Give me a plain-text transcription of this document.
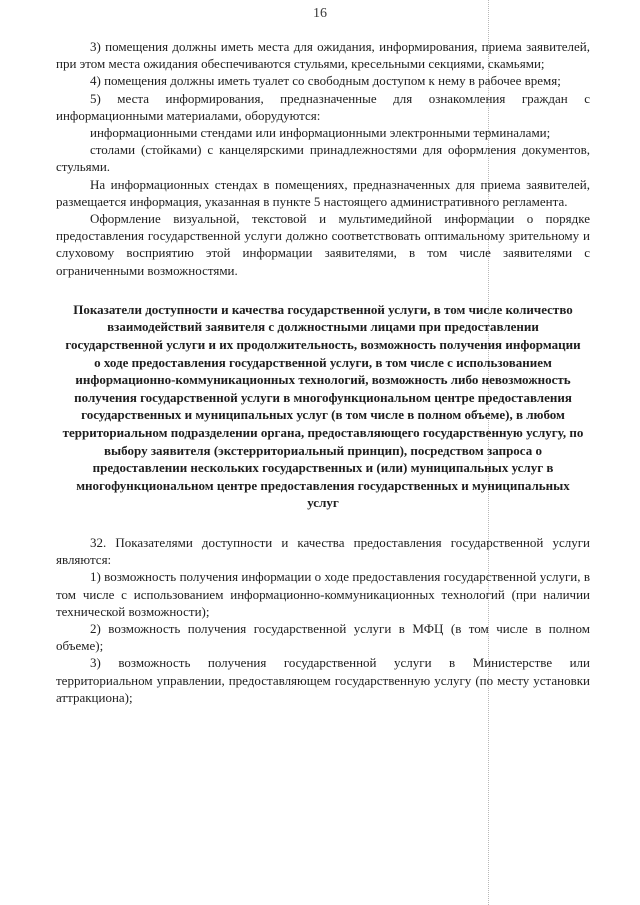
16

3) помещения должны иметь места для ожидания, информирования, приема заявителей, при этом места ожидания обеспечиваются стульями, кресельными секциями, скамьями;

4) помещения должны иметь туалет со свободным доступом к нему в рабочее время;

5) места информирования, предназначенные для ознакомления граждан с информационными материалами, оборудуются:

информационными стендами или информационными электронными терминалами;

столами (стойками) с канцелярскими принадлежностями для оформления документов, стульями.

На информационных стендах в помещениях, предназначенных для приема заявителей, размещается информация, указанная в пункте 5 настоящего административного регламента.

Оформление визуальной, текстовой и мультимедийной информации о порядке предоставления государственной услуги должно соответствовать оптимальному зрительному и слуховому восприятию этой информации заявителями, в том числе заявителями с ограниченными возможностями.

Показатели доступности и качества государственной услуги, в том числе количество взаимодействий заявителя с должностными лицами при предоставлении государственной услуги и их продолжительность, возможность получения информации о ходе предоставления государственной услуги, в том числе с использованием информационно-коммуникационных технологий, возможность либо невозможность получения государственной услуги в многофункциональном центре предоставления государственных и муниципальных услуг (в том числе в полном объеме), в любом территориальном подразделении органа, предоставляющего государственную услугу, по выбору заявителя (экстерриториальный принцип), посредством запроса о предоставлении нескольких государственных и (или) муниципальных услуг в многофункциональном центре предоставления государственных и муниципальных услуг

32. Показателями доступности и качества предоставления государственной услуги являются:

1) возможность получения информации о ходе предоставления государственной услуги, в том числе с использованием информационно-коммуникационных технологий (при наличии технической возможности);

2) возможность получения государственной услуги в МФЦ (в том числе в полном объеме);

3) возможность получения государственной услуги в Министерстве или территориальном управлении, предоставляющем государственную услугу (по месту установки аттракциона);
